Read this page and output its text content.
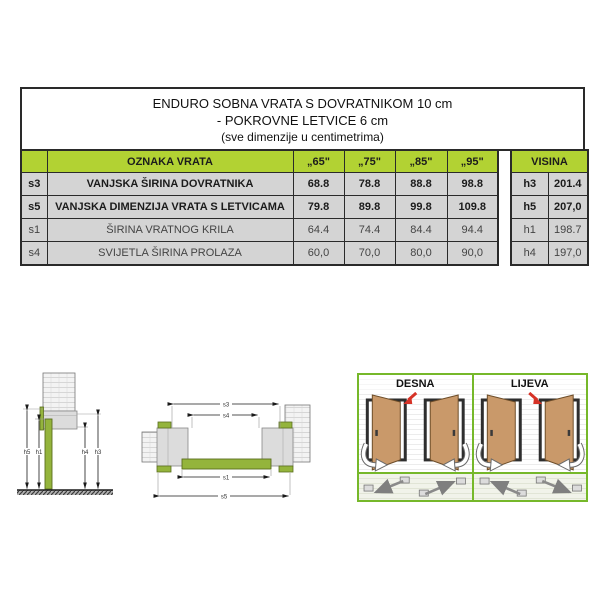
ENDURO SOBNA VRATA S DOVRATNIKOM 10 cm
- POKROVNE LETVICE 6 cm
(sve dimenzije u centimetrima)
	OZNAKA VRATA	„65"	„75"	„85"	„95"
s3	VANJSKA ŠIRINA DOVRATNIKA	68.8	78.8	88.8	98.8
s5	VANJSKA DIMENZIJA VRATA S LETVICAMA	79.8	89.8	99.8	109.8
s1	ŠIRINA VRATNOG KRILA	64.4	74.4	84.4	94.4
s4	SVIJETLA ŠIRINA PROLAZA	60,0	70,0	80,0	90,0
VISINA	
h3	201.4
h5	207,0
h1	198.7
h4	197,0
h5 h1	h4 h3
s3
s4
s1
s5
DESNA	LIJEVA
